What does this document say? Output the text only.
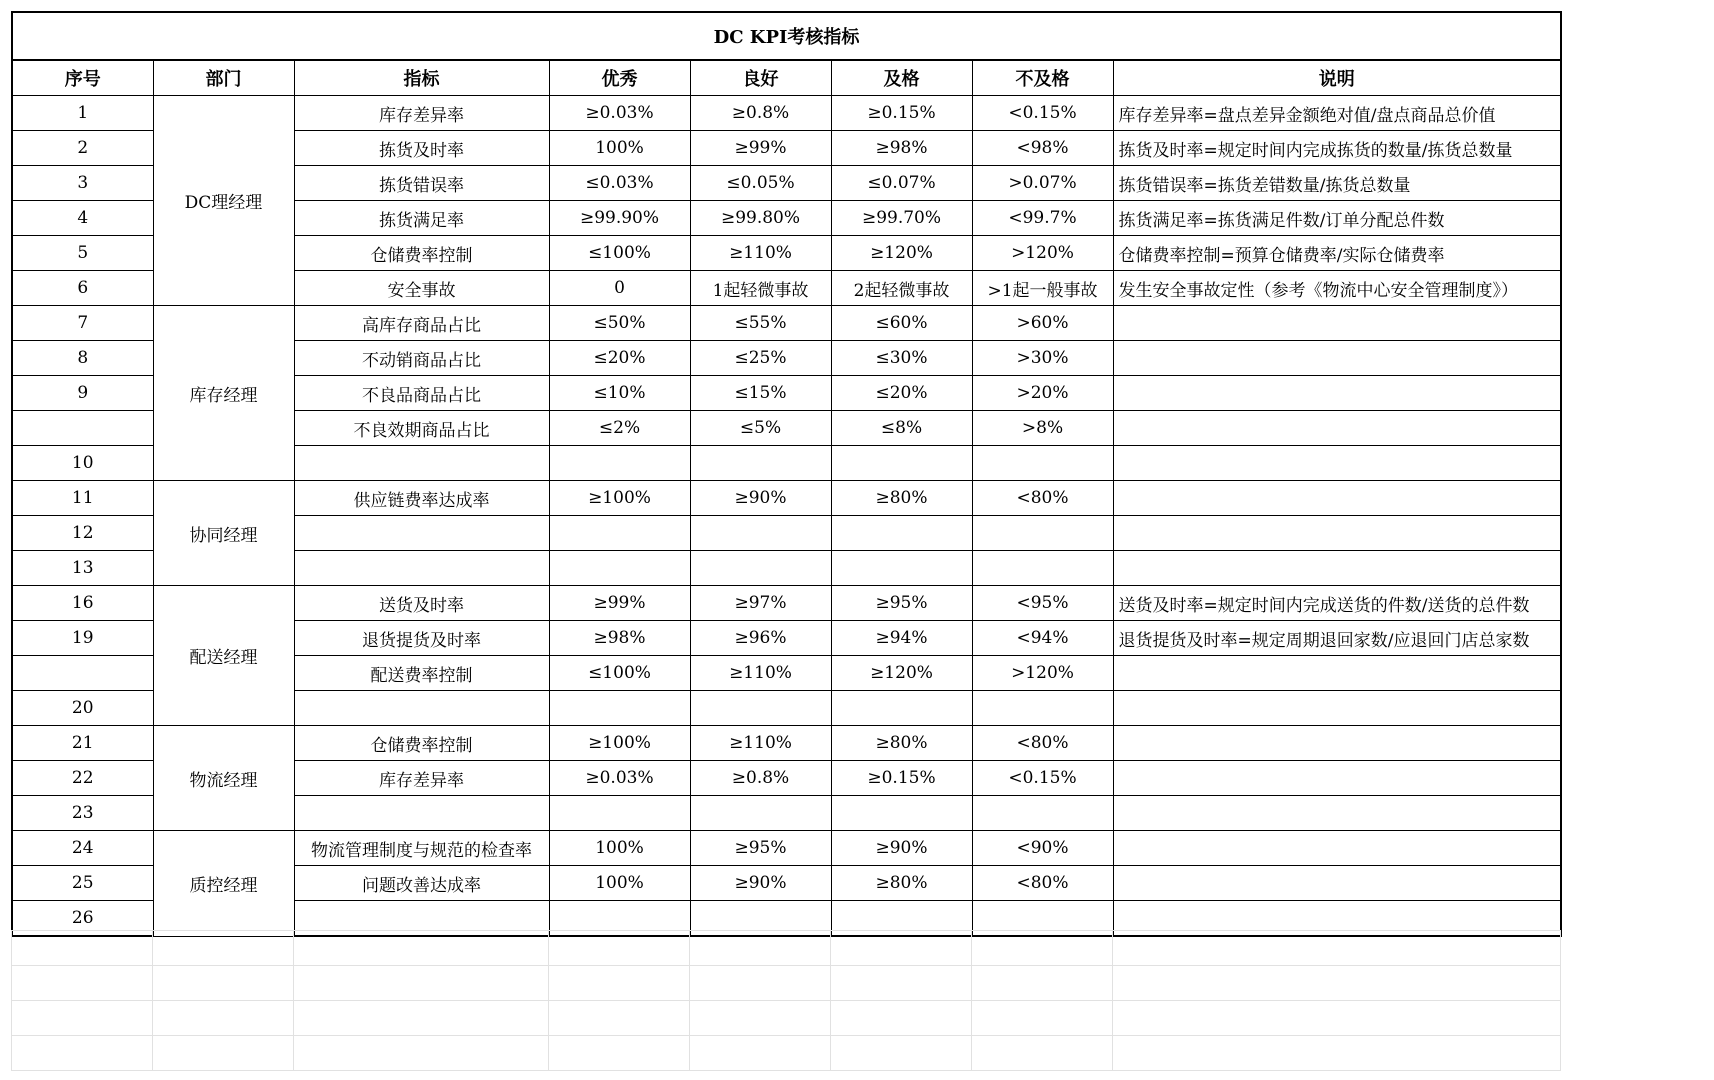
DC KPI考核指标							
序号	部门	指标	优秀	良好	及格	不及格	说明
1	DC理经理	库存差异率	≥0.03%	≥0.8%	≥0.15%	<0.15%	库存差异率=盘点差异金额绝对值/盘点商品总价值
2		拣货及时率	100%	≥99%	≥98%	<98%	拣货及时率=规定时间内完成拣货的数量/拣货总数量
3		拣货错误率	≤0.03%	≤0.05%	≤0.07%	>0.07%	拣货错误率=拣货差错数量/拣货总数量
4		拣货满足率	≥99.90%	≥99.80%	≥99.70%	<99.7%	拣货满足率=拣货满足件数/订单分配总件数
5		仓储费率控制	≤100%	≥110%	≥120%	>120%	仓储费率控制=预算仓储费率/实际仓储费率
6		安全事故	0	1起轻微事故	2起轻微事故	>1起一般事故	发生安全事故定性（参考《物流中心安全管理制度》）
7	库存经理	高库存商品占比	≤50%	≤55%	≤60%	>60%	
8		不动销商品占比	≤20%	≤25%	≤30%	>30%	
9		不良品商品占比	≤10%	≤15%	≤20%	>20%	
		不良效期商品占比	≤2%	≤5%	≤8%	>8%	
10							
11	协同经理	供应链费率达成率	≥100%	≥90%	≥80%	<80%	
12							
13							
16	配送经理	送货及时率	≥99%	≥97%	≥95%	<95%	送货及时率=规定时间内完成送货的件数/送货的总件数
19		退货提货及时率	≥98%	≥96%	≥94%	<94%	退货提货及时率=规定周期退回家数/应退回门店总家数
		配送费率控制	≤100%	≥110%	≥120%	>120%	
20							
21	物流经理	仓储费率控制	≥100%	≥110%	≥80%	<80%	
22		库存差异率	≥0.03%	≥0.8%	≥0.15%	<0.15%	
23							
24	质控经理	物流管理制度与规范的检查率	100%	≥95%	≥90%	<90%	
25		问题改善达成率	100%	≥90%	≥80%	<80%	
26							
